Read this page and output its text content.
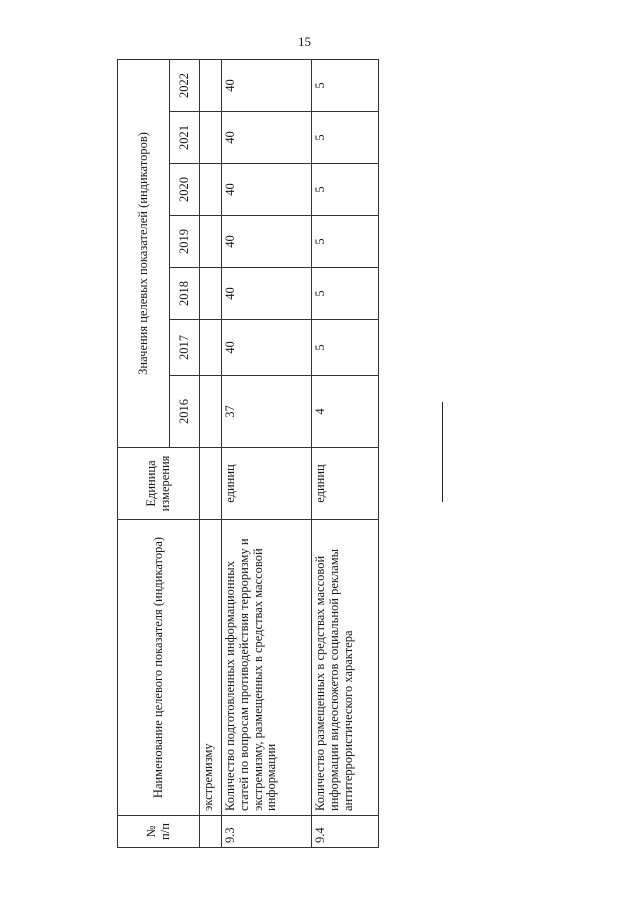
15
№ п/п	Наименование целевого показателя (индикатора)	Единица измерения	Значения целевых показателей (индикаторов)						
			2016	2017	2018	2019	2020	2021	2022
	экстремизму								
9.3	Количество подготовленных информационных статей по вопросам противодействия терроризму и экстремизму, размещенных в средствах массовой информации	единиц	37	40	40	40	40	40	40
9.4	Количество размещенных в средствах массовой информации видеосюжетов социальной рекламы антитеррористического характера	единиц	4	5	5	5	5	5	5
